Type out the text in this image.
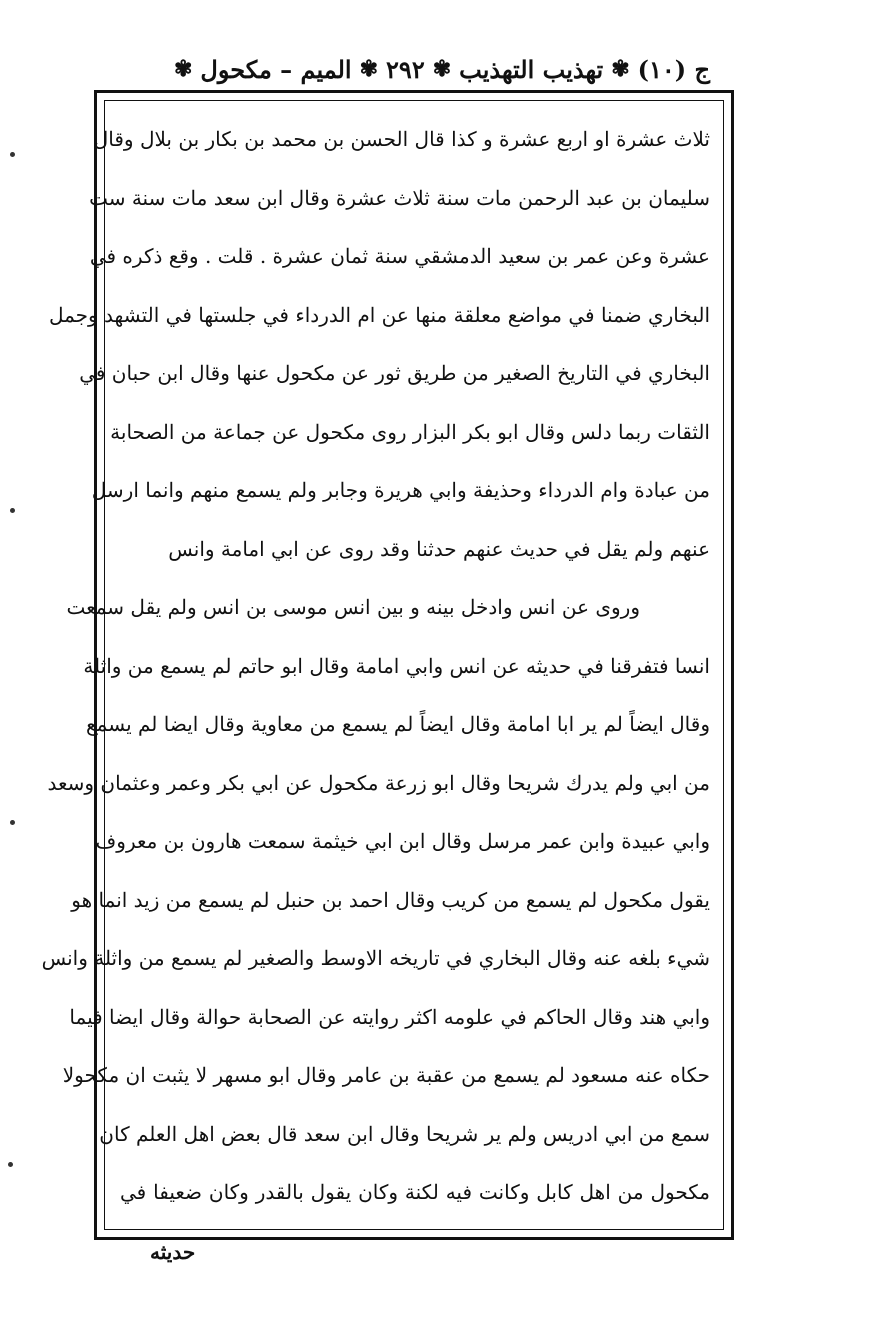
ج (١٠)
✾
تهذيب التهذيب
✾
٢٩٢
✾
الميم – مكحول
✾
ثلاث عشرة او اربع عشرة و كذا قال الحسن بن محمد بن بكار بن بلال وقال
سليمان بن عبد الرحمن مات سنة ثلاث عشرة وقال ابن سعد مات سنة ست
عشرة وعن عمر بن سعيد الدمشقي سنة ثمان عشرة . قلت . وقع ذكره في
البخاري ضمنا في مواضع معلقة منها عن ام الدرداء في جلستها في التشهد وجمل
البخاري في التاريخ الصغير من طريق ثور عن مكحول عنها وقال ابن حبان في
الثقات ربما دلس وقال ابو بكر البزار روى مكحول عن جماعة من الصحابة
من عبادة وام الدرداء وحذيفة وابي هريرة وجابر ولم يسمع منهم وانما ارسل
عنهم ولم يقل في حديث عنهم حدثنا وقد روى عن ابي امامة وانس
وروى عن انس وادخل بينه و بين انس موسى بن انس ولم يقل سمعت
انسا فتفرقنا في حديثه عن انس وابي امامة وقال ابو حاتم لم يسمع من واثلة
وقال ايضاً لم ير ابا امامة وقال ايضاً لم يسمع من معاوية وقال ايضا لم يسمع
من ابي ولم يدرك شريحا وقال ابو زرعة مكحول عن ابي بكر وعمر وعثمان وسعد
وابي عبيدة وابن عمر مرسل وقال ابن ابي خيثمة سمعت هارون بن معروف
يقول مكحول لم يسمع من كريب وقال احمد بن حنبل لم يسمع من زيد انما هو
شيء بلغه عنه وقال البخاري في تاريخه الاوسط والصغير لم يسمع من واثلة وانس
وابي هند وقال الحاكم في علومه اكثر روايته عن الصحابة حوالة وقال ايضا فيما
حكاه عنه مسعود لم يسمع من عقبة بن عامر وقال ابو مسهر لا يثبت ان مكحولا
سمع من ابي ادريس ولم ير شريحا وقال ابن سعد قال بعض اهل العلم كان
مكحول من اهل كابل وكانت فيه لكنة وكان يقول بالقدر وكان ضعيفا في
حديثه
